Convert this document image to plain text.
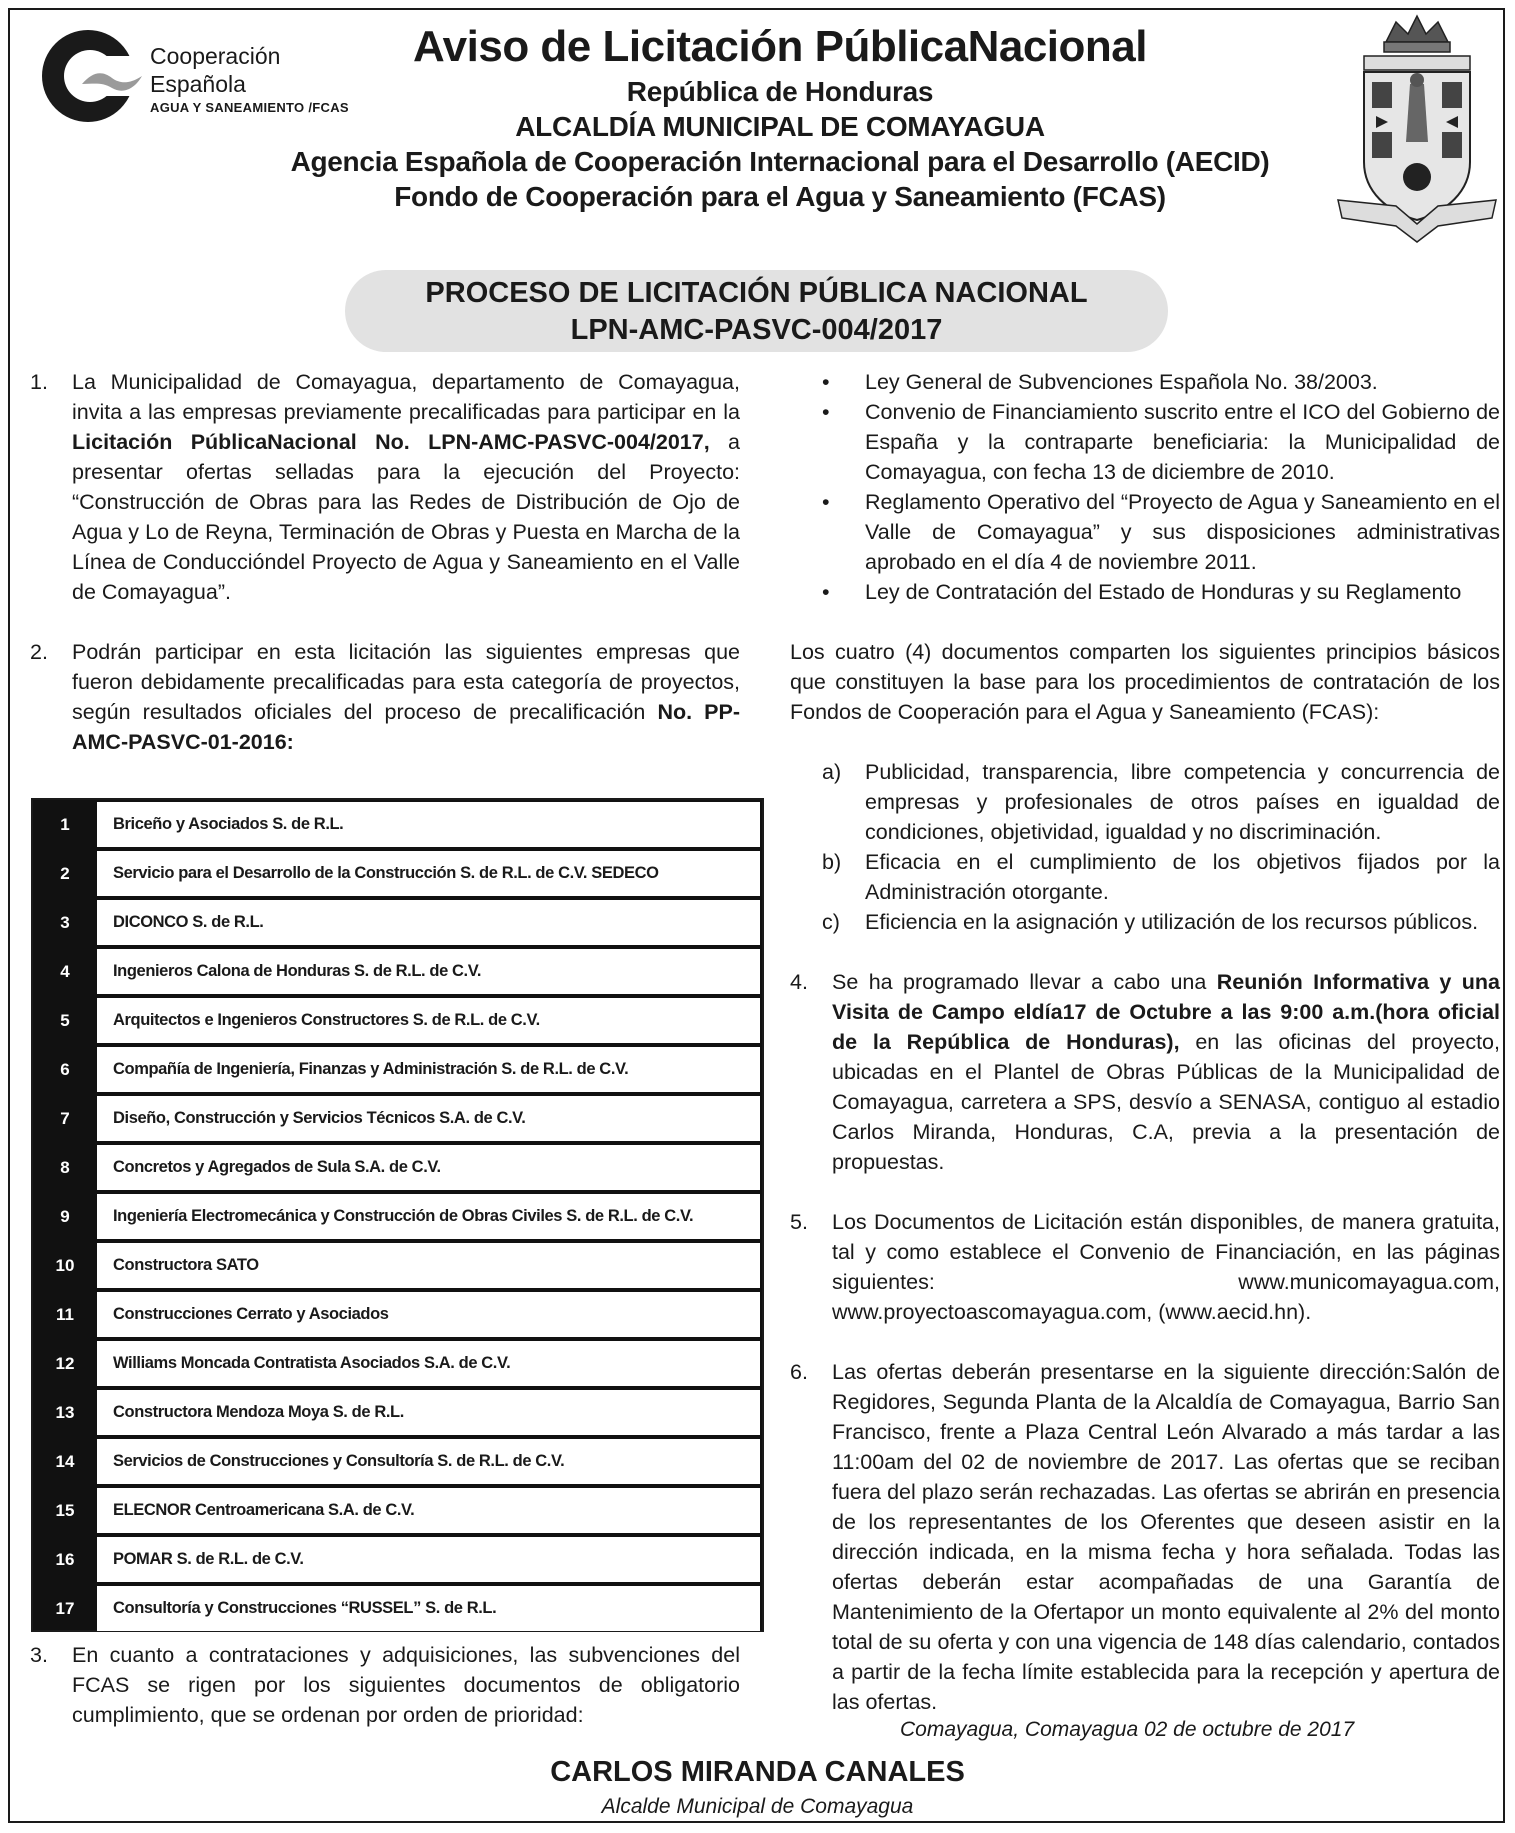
Cooperación
Española
AGUA Y SANEAMIENTO /FCAS
Aviso de Licitación PúblicaNacional
República de Honduras
ALCALDÍA MUNICIPAL DE COMAYAGUA
Agencia Española de Cooperación Internacional para el Desarrollo (AECID)
Fondo de Cooperación para el Agua y Saneamiento (FCAS)
PROCESO DE LICITACIÓN PÚBLICA NACIONAL
LPN-AMC-PASVC-004/2017
1. La Municipalidad de Comayagua, departamento de Comayagua, invita a las empresas previamente precalificadas para participar en la Licitación PúblicaNacional No. LPN-AMC-PASVC-004/2017, a presentar ofertas selladas para la ejecución del Proyecto: “Construcción de Obras para las Redes de Distribución de Ojo de Agua y Lo de Reyna, Terminación de Obras y Puesta en Marcha de la Línea de Conduccióndel Proyecto de Agua y Saneamiento en el Valle de Comayagua”.
2. Podrán participar en esta licitación las siguientes empresas que fueron debidamente precalificadas para esta categoría de proyectos, según resultados oficiales del proceso de precalificación No. PP-AMC-PASVC-01-2016:
1	Briceño y Asociados S. de R.L.
2	Servicio para el Desarrollo de la Construcción S. de R.L. de C.V. SEDECO
3	DICONCO S. de R.L.
4	Ingenieros Calona de Honduras S. de R.L. de C.V.
5	Arquitectos e Ingenieros Constructores S. de R.L. de C.V.
6	Compañía de Ingeniería, Finanzas y Administración S. de R.L. de C.V.
7	Diseño, Construcción y Servicios Técnicos S.A. de C.V.
8	Concretos y Agregados de Sula S.A. de C.V.
9	Ingeniería Electromecánica y Construcción de Obras Civiles S. de R.L. de C.V.
10	Constructora SATO
11	Construcciones Cerrato y Asociados
12	Williams Moncada Contratista Asociados S.A. de C.V.
13	Constructora Mendoza Moya S. de R.L.
14	Servicios de Construcciones y Consultoría S. de R.L. de C.V.
15	ELECNOR Centroamericana S.A. de C.V.
16	POMAR S. de R.L. de C.V.
17	Consultoría y Construcciones “RUSSEL” S. de R.L.
3. En cuanto a contrataciones y adquisiciones, las subvenciones del FCAS se rigen por los siguientes documentos de obligatorio cumplimiento, que se ordenan por orden de prioridad:
• Ley General de Subvenciones Española No. 38/2003.
• Convenio de Financiamiento suscrito entre el ICO del Gobierno de España y la contraparte beneficiaria: la Municipalidad de Comayagua, con fecha 13 de diciembre de 2010.
• Reglamento Operativo del “Proyecto de Agua y Saneamiento en el Valle de Comayagua” y sus disposiciones administrativas aprobado en el día 4 de noviembre 2011.
• Ley de Contratación del Estado de Honduras y su Reglamento
Los cuatro (4) documentos comparten los siguientes principios básicos que constituyen la base para los procedimientos de contratación de los Fondos de Cooperación para el Agua y Saneamiento (FCAS):
a) Publicidad, transparencia, libre competencia y concurrencia de empresas y profesionales de otros países en igualdad de condiciones, objetividad, igualdad y no discriminación.
b) Eficacia en el cumplimiento de los objetivos fijados por la Administración otorgante.
c) Eficiencia en la asignación y utilización de los recursos públicos.
4. Se ha programado llevar a cabo una Reunión Informativa y una Visita de Campo eldía17 de Octubre a las 9:00 a.m.(hora oficial de la República de Honduras), en las oficinas del proyecto, ubicadas en el Plantel de Obras Públicas de la Municipalidad de Comayagua, carretera a SPS, desvío a SENASA, contiguo al estadio Carlos Miranda, Honduras, C.A, previa a la presentación de propuestas.
5. Los Documentos de Licitación están disponibles, de manera gratuita, tal y como establece el Convenio de Financiación, en las páginas siguientes: www.municomayagua.com, www.proyectoascomayagua.com, (www.aecid.hn).
6. Las ofertas deberán presentarse en la siguiente dirección:Salón de Regidores, Segunda Planta de la Alcaldía de Comayagua, Barrio San Francisco, frente a Plaza Central León Alvarado a más tardar a las 11:00am del 02 de noviembre de 2017. Las ofertas que se reciban fuera del plazo serán rechazadas. Las ofertas se abrirán en presencia de los representantes de los Oferentes que deseen asistir en la dirección indicada, en la misma fecha y hora señalada. Todas las ofertas deberán estar acompañadas de una Garantía de Mantenimiento de la Ofertapor un monto equivalente al 2% del monto total de su oferta y con una vigencia de 148 días calendario, contados a partir de la fecha límite establecida para la recepción y apertura de las ofertas.
Comayagua, Comayagua 02 de octubre de 2017
CARLOS MIRANDA CANALES
Alcalde Municipal de Comayagua
